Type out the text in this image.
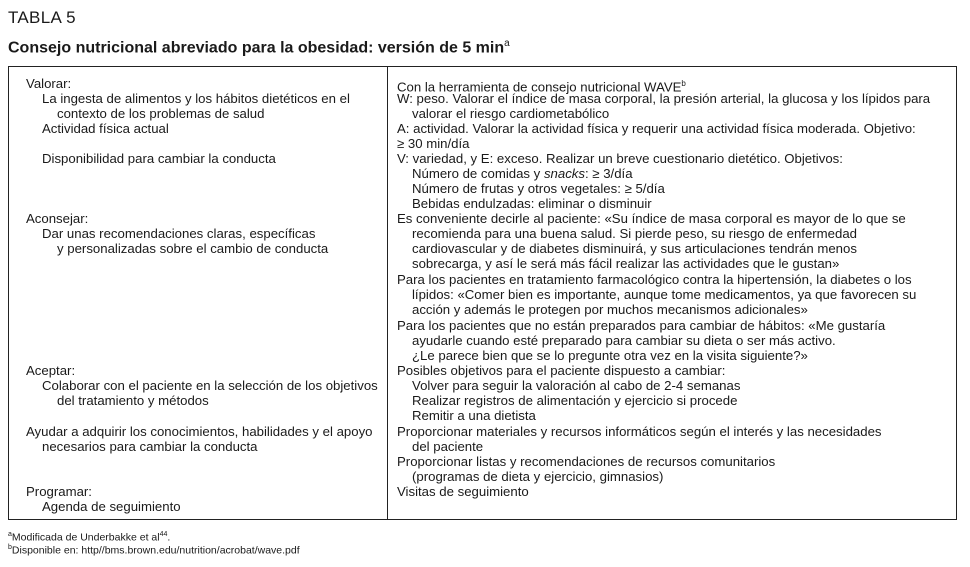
TABLA 5
Consejo nutricional abreviado para la obesidad: versión de 5 $\min^a$
Valorar:
La ingesta de alimentos y los hábitos dietéticos en el
contexto de los problemas de salud
Actividad física actual
Disponibilidad para cambiar la conducta
Aconsejar:
Dar unas recomendaciones claras, específicas
y personalizadas sobre el cambio de conducta
Aceptar:
Colaborar con el paciente en la selección de los objetivos
del tratamiento y métodos
Ayudar a adquirir los conocimientos, habilidades y el apoyo
necesarios para cambiar la conducta
Programar:
Agenda de seguimiento
Con la herramienta de consejo nutricional WAVE$^b$
W: peso. Valorar el índice de masa corporal, la presión arterial, la glucosa y los lípidos para
valorar el riesgo cardiometabólico
A: actividad. Valorar la actividad física y requerir una actividad física moderada. Objetivo:
≥ 30 min/día
V: variedad, y E: exceso. Realizar un breve cuestionario dietético. Objetivos:
Número de comidas y snacks: ≥ 3/día
Número de frutas y otros vegetales: ≥ 5/día
Bebidas endulzadas: eliminar o disminuir
Es conveniente decirle al paciente: «Su índice de masa corporal es mayor de lo que se
recomienda para una buena salud. Si pierde peso, su riesgo de enfermedad
cardiovascular y de diabetes disminuirá, y sus articulaciones tendrán menos
sobrecarga, y así le será más fácil realizar las actividades que le gustan»
Para los pacientes en tratamiento farmacológico contra la hipertensión, la diabetes o los
lípidos: «Comer bien es importante, aunque tome medicamentos, ya que favorecen su
acción y además le protegen por muchos mecanismos adicionales»
Para los pacientes que no están preparados para cambiar de hábitos: «Me gustaría
ayudarle cuando esté preparado para cambiar su dieta o ser más activo.
¿Le parece bien que se lo pregunte otra vez en la visita siguiente?»
Posibles objetivos para el paciente dispuesto a cambiar:
Volver para seguir la valoración al cabo de 2-4 semanas
Realizar registros de alimentación y ejercicio si procede
Remitir a una dietista
Proporcionar materiales y recursos informáticos según el interés y las necesidades
del paciente
Proporcionar listas y recomendaciones de recursos comunitarios
(programas de dieta y ejercicio, gimnasios)
Visitas de seguimiento
$^a$Modificada de Underbakke et $al^{44}$.
$^b$Disponible en: http//bms.brown.edu/nutrition/acrobat/wave.pdf
